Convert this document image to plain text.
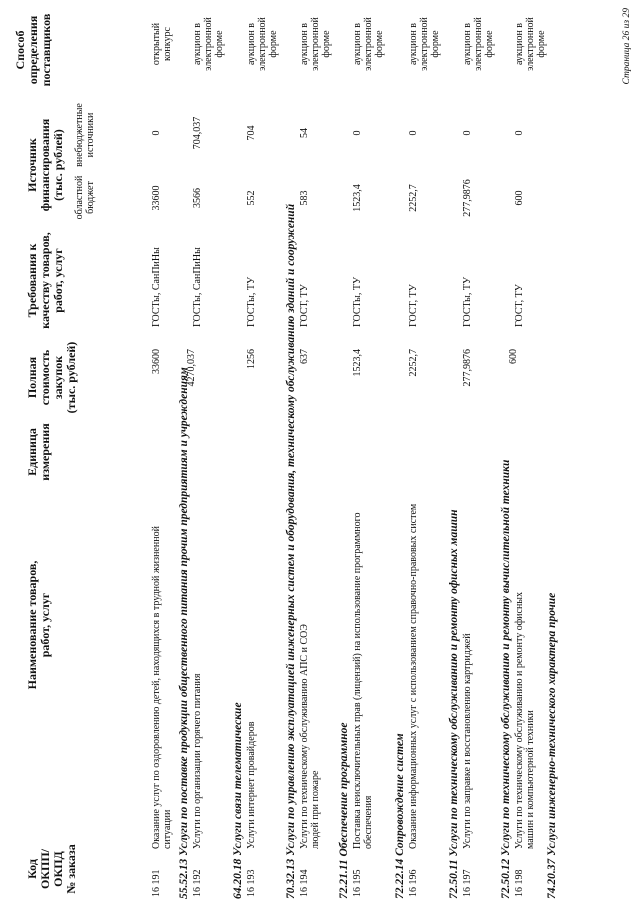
Код ОКПП/ ОКПД № заказа
Наименование товаров, работ, услуг
Единица измерения
Полная стоимость закупок (тыс. рублей)
Требования к качеству товаров, работ, услуг
Источник финансирования (тыс. рублей) областной бюджет
внебюджетные источники
Способ определения поставщиков
16 191
Оказание услуг по оздоровлению детей, находящихся в трудной жизненной ситуации
33600
ГОСТы, СанПиНы
33600
0
открытый конкурс
55.52.13 Услуги по поставке продукции общественного питания прочим предприятиям и учреждениям
16 192
Услуги по организации горячего питания
4270,037
ГОСТы, СанПиНы
3566
704,037
аукцион в электронной форме
64.20.18 Услуги связи телематические
16 193
Услуги интернет провайдеров
1256
ГОСТы, ТУ
552
704
аукцион в электронной форме
70.32.13 Услуги по управлению эксплуатацией инженерных систем и оборудования, техническому обслуживанию зданий и сооружений
16 194
Услуги по техническому обслуживанию АПС и СОЭ людей при пожаре
637
ГОСТ, ТУ
583
54
аукцион в электронной форме
72.21.11 Обеспечение программное
16 195
Поставка неисключительных прав (лицензий) на использование программного обеспечения
1523,4
ГОСТы, ТУ
1523,4
0
аукцион в электронной форме
72.22.14 Сопровождение систем
16 196
Оказание информационных услуг с использованием справочно-правовых систем
2252,7
ГОСТ, ТУ
2252,7
0
аукцион в электронной форме
72.50.11 Услуги по техническому обслуживанию и ремонту офисных машин
16 197
Услуги по заправке и восстановлению картриджей
277,9876
ГОСТы, ТУ
277,9876
0
аукцион в электронной форме
72.50.12 Услуги по техническому обслуживанию и ремонту вычислительной техники
16 198
Услуги по техническому обслуживанию и ремонту офисных машин и компьютерной техники
600
ГОСТ, ТУ
600
0
аукцион в электронной форме
74.20.37 Услуги инженерно-технического характера прочие
Страница 26 из 29
